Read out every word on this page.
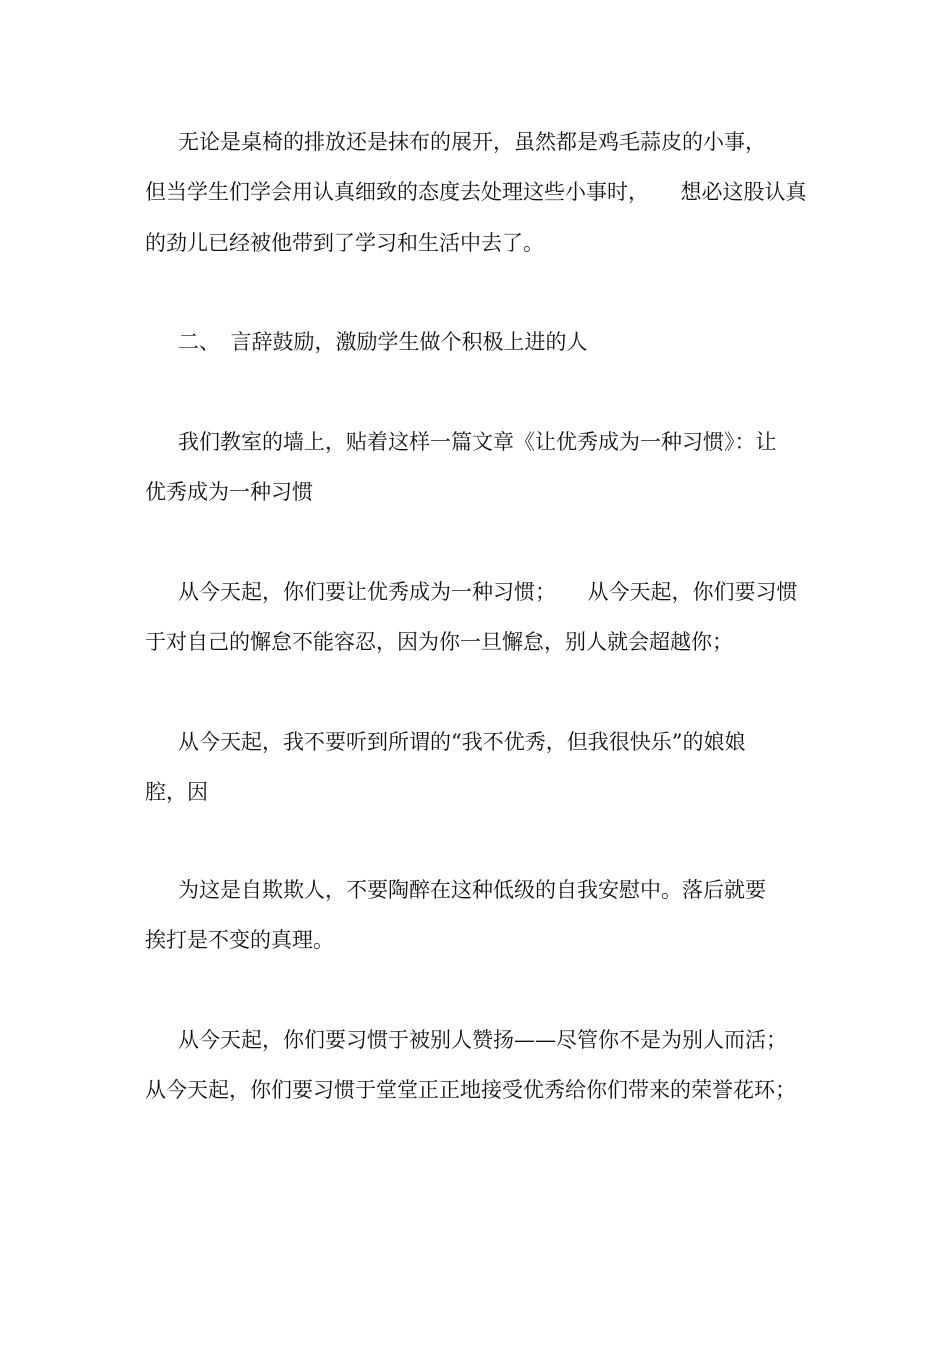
无论是桌椅的排放还是抹布的展开，虽然都是鸡毛蒜皮的小事，
但当学生们学会用认真细致的态度去处理这些小事时，　　想必这股认真
的劲儿已经被他带到了学习和生活中去了。
二、　言辞鼓励，激励学生做个积极上进的人
我们教室的墙上，贴着这样一篇文章《让优秀成为一种习惯》：让
优秀成为一种习惯
从今天起，你们要让优秀成为一种习惯；　　从今天起，你们要习惯
于对自己的懈怠不能容忍，因为你一旦懈怠，别人就会超越你；
从今天起，我不要听到所谓的“我不优秀，但我很快乐”的娘娘
腔，因
为这是自欺欺人，不要陶醉在这种低级的自我安慰中。落后就要
挨打是不变的真理。
从今天起，你们要习惯于被别人赞扬——尽管你不是为别人而活；
从今天起，你们要习惯于堂堂正正地接受优秀给你们带来的荣誉花环；
